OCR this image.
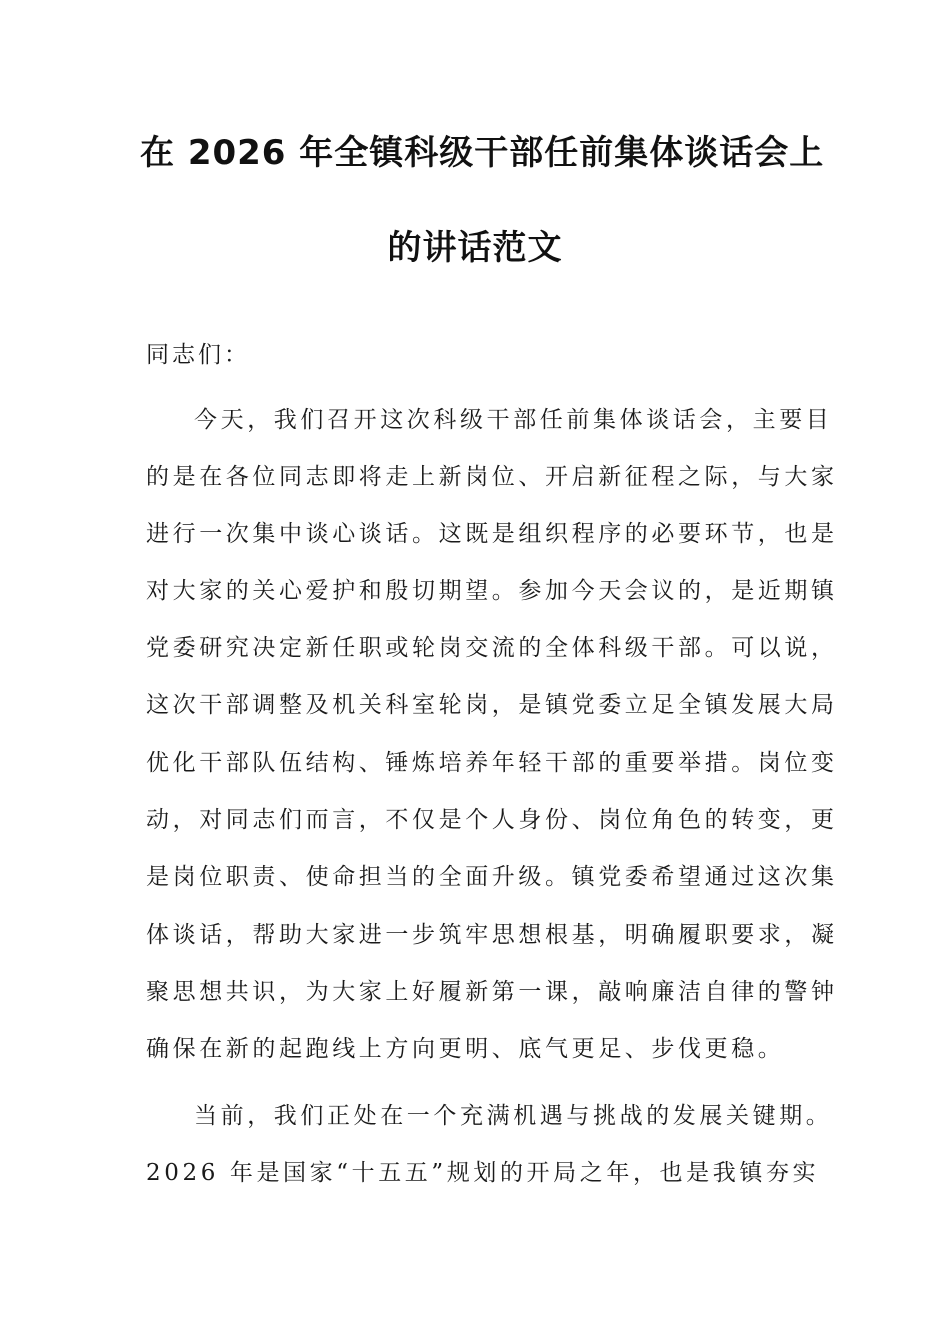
在 2026 年全镇科级干部任前集体谈话会上
的讲话范文
同志们：
今天，我们召开这次科级干部任前集体谈话会，主要目
的是在各位同志即将走上新岗位、开启新征程之际，与大家
进行一次集中谈心谈话。这既是组织程序的必要环节，也是
对大家的关心爱护和殷切期望。参加今天会议的，是近期镇
党委研究决定新任职或轮岗交流的全体科级干部。可以说，
这次干部调整及机关科室轮岗，是镇党委立足全镇发展大局
优化干部队伍结构、锤炼培养年轻干部的重要举措。岗位变
动，对同志们而言，不仅是个人身份、岗位角色的转变，更
是岗位职责、使命担当的全面升级。镇党委希望通过这次集
体谈话，帮助大家进一步筑牢思想根基，明确履职要求，凝
聚思想共识，为大家上好履新第一课，敲响廉洁自律的警钟
确保在新的起跑线上方向更明、底气更足、步伐更稳。
当前，我们正处在一个充满机遇与挑战的发展关键期。
2026 年是国家“十五五”规划的开局之年，也是我镇夯实
